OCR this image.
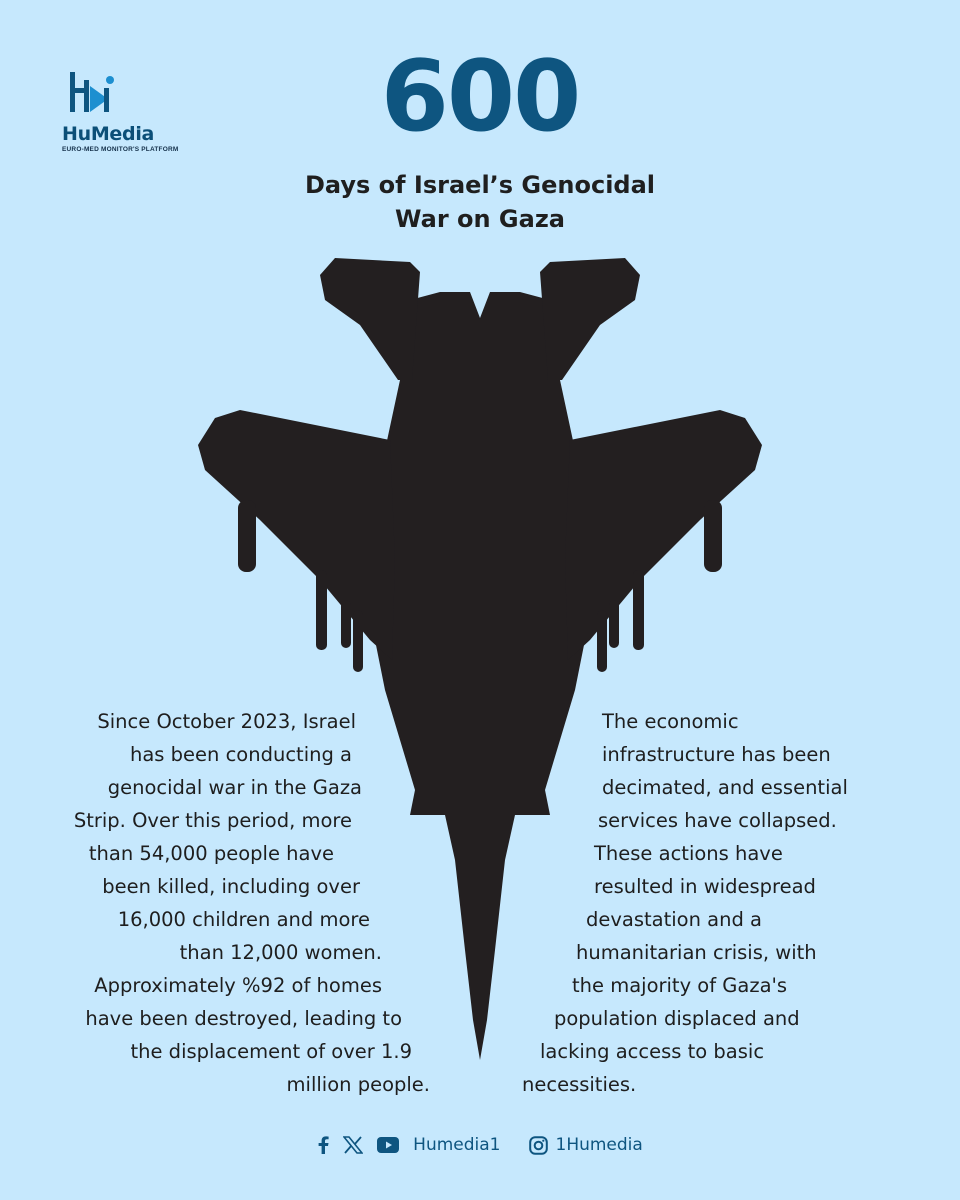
HuMedia
EURO-MED MONITOR'S PLATFORM	600
Days of Israel’s Genocidal
War on Gaza
Since October 2023, Israel
has been conducting a
genocidal war in the Gaza
Strip. Over this period, more
than 54,000 people have
been killed, including over
16,000 children and more
than 12,000 women.
Approximately %92 of homes
have been destroyed, leading to
the displacement of over 1.9
million people.
The economic
infrastructure has been
decimated, and essential
services have collapsed.
These actions have
resulted in widespread
devastation and a
humanitarian crisis, with
the majority of Gaza's
population displaced and
lacking access to basic
necessities.
Humedia1	1Humedia
